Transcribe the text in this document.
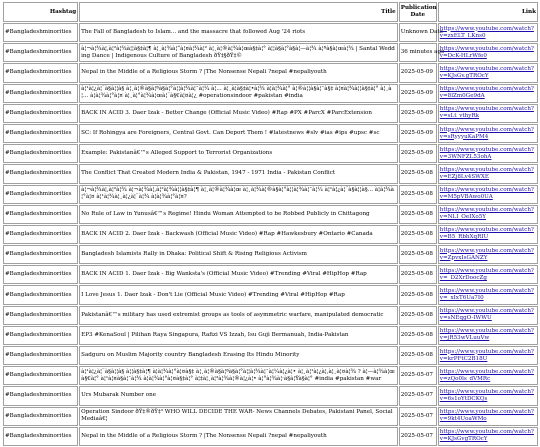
Hashtag	Title	Publication Date	Link
#Bangladeshminorities	The Fall of Bangladesh to Islam... and the massacre that followed Aug '24 riots	Unknown Date	https://www.youtube.com/watch?v=zxELT_LKns0

#Bangladeshminorities	à¦¬à¦¾à¦‚à¦²à¦¾à¦¦à§‡à¦¶ à¦¸à¦¾à¦“à¦¤à¦¾à¦² à¦¸à¦®à¦¾à¦œà§‡à¦° à¦¦à§à¦°à§à¦—à¦¾ à¦ªà§à¦œà¦¾ | Santal Wedding Dance | Indigenous Culture of Bangladesh ðŸ‡§ðŸ‡©	36 minutes ago	https://www.youtube.com/watch?v=DcK-HLrWfe0

#Bangladeshminorities	Nepal in the Middle of a Religious Storm ? |The Nonsense Nepali ?nepal #nepaliyouth	2025-05-09	https://www.youtube.com/watch?v=KJsGv.gTROcY

#Bangladeshminorities	à¦¹à¦¿à¦¨à§à¦¦à§ à¦¸à¦®à§à¦ªà§à¦°à¦¦à¦¾à¦¯à¦¼ à¦... à¦¸à¦à§‡à¦•à¦¾ à¦à¦¾à¦° à¦®à¦¦à§à¦¯à§‡ à¦¤à¦¾à¦¦à§‡à¦° à¦¸à¦... à¦à¦¾à¦°à¦¤ à¦¸à¦°à¦¾à¦œà¦¨à§€à¦¤à¦¿ #operationsindoor #pakistan #india	2025-05-09	https://www.youtube.com/watch?v=8lZm0Ge9dA

#Bangladeshminorities	BACK IN ACID 3. Daer Izak - Better Change (Official Music Video) #Rap #PX #ParcX #ParcExtension	2025-05-09	https://www.youtube.com/watch?v=sLt_vthyRk

#Bangladeshminorities	SC: If Rohingya are Foreigners, Central Govt. Can Deport Them ! #latestnews #slv #ias #ips #upsc #sc	2025-05-09	https://www.youtube.com/watch?v=sRyyyuKaPM4

#Bangladeshminorities	Example: Pakistanâ€™s Alleged Support to Terrorist Organizations	2025-05-09	https://www.youtube.com/watch?v=3WNFZL53ohA

#Bangladeshminorities	The Conflict That Created Modern India & Pakistan, 1947 - 1971 India - Pakistan Conflict	2025-05-08	https://www.youtube.com/watch?v=EZj8Lv4SWXE

#Bangladeshminorities	à¦¬à¦¾à¦‚à¦²à¦¾ à¦¬à¦¾à¦‚à¦²à¦¾à¦¦à§‡à¦¶ à¦¸à¦®à¦¾à¦œ à¦¸à¦¾à¦®à§à¦°à¦¦à¦¾à¦¯à¦¼ à¦¹à¦¿à¦¨à§à¦¦à§... à¦à¦¾à¦°à¦¤ à¦¹à¦¾à¦¸à¦¿à¦¨à¦¾ à¦à¦¾à¦°à¦¤?	2025-05-08	https://www.youtube.com/watch?v=M5pVBAwo0UA

#Bangladeshminorities	No Rule of Law in Yunusâ€™s Regime! Hindu Woman Attempted to be Robbed Publicly in Chittagong	2025-05-08	https://www.youtube.com/watch?v=NLI_OeIXo5Y

#Bangladeshminorities	BACK IN ACID 2. Daer Izak - Backwash (Official Music Video) #Rap #Hawkesbury #Ontario #Canada	2025-05-08	https://www.youtube.com/watch?v=B5_RbhXqRIU

#Bangladeshminorities	Bangladesh Islamists Rally in Dhaka: Political Shift & Rising Religious Activism	2025-05-08	https://www.youtube.com/watch?v=ZpvxIsGANZY

#Bangladeshminorities	BACK IN ACID 1. Daer Izak - Big Wanksta's (Official Music Video) #Trending #Viral #HipHop #Rap	2025-05-08	https://www.youtube.com/watch?v=_D2XrDoocZg

#Bangladeshminorities	I Love Jesus 1. Daer Izak - Don't Lie (Official Music Video) #Trending #Viral #HipHop #Rap	2025-05-08	https://www.youtube.com/watch?v=_xIxT6Ua7I0

#Bangladeshminorities	Pakistanâ€™s military has used extremist groups as tools of asymmetric warfare, manipulated democratic	2025-05-08	https://www.youtube.com/watch?v=sNEqgO-IWWU

#Bangladeshminorities	EP3 #KenaSoul | Pilihan Raya Singapura, Rafizi VS Izzah, Isu Guji Bermanuah, India-Pakistan	2025-05-08	https://www.youtube.com/watch?v=jR53wVLuuVw

#Bangladeshminorities	Sadguru on Muslim Majority country Bangladesh Erasing Its Hindu Minority	2025-05-08	https://www.youtube.com/watch?v=krPFtC2B18U

#Bangladeshminorities	à¦¹à¦¿à¦¨à§à¦¦à§ à¦¦à§‡à¦¶ à¦à¦¾à¦°à¦¤à§‡ à¦¸à¦®à§à¦ªà§à¦°à¦¦à¦¾à¦¯à¦¼à¦¿à¦• à¦¸à¦¹à¦¿à¦‚à¦¸à¦¤à¦¾ ? à¦—à¦¾à¦œà§€à¦° à¦¹à¦¤à§à¦¯à¦¾ à¦à¦¾à¦°à¦¤à§‡à¦° à¦‡à¦¸à¦²à¦¾à¦®à¦¿à¦• à¦°à¦¾à¦·à§à¦Ÿà§à¦° #india #pakistan #war	2025-05-07	https://www.youtube.com/watch?v=zQo0ls_dVMRc

#Bangladeshminorities	Urs Mubarak Number one	2025-05-07	https://www.youtube.com/watch?v=6s1oYtDCKQs

#Bangladeshminorities	Operation Sindoor ðŸ‡®ðŸ‡³ WHO WILL DECIDE THE WAR- News Channels Debates, Pakistani Panel, Social Mediaâ€¦	2025-05-07	https://www.youtube.com/watch?v=9kt4UoaWMo

#Bangladeshminorities	Nepal in the Middle of a Religious Storm ? |The Nonsense Nepali ?nepal #nepaliyouth	2025-05-07	https://www.youtube.com/watch?v=KJsGvgTROcY
